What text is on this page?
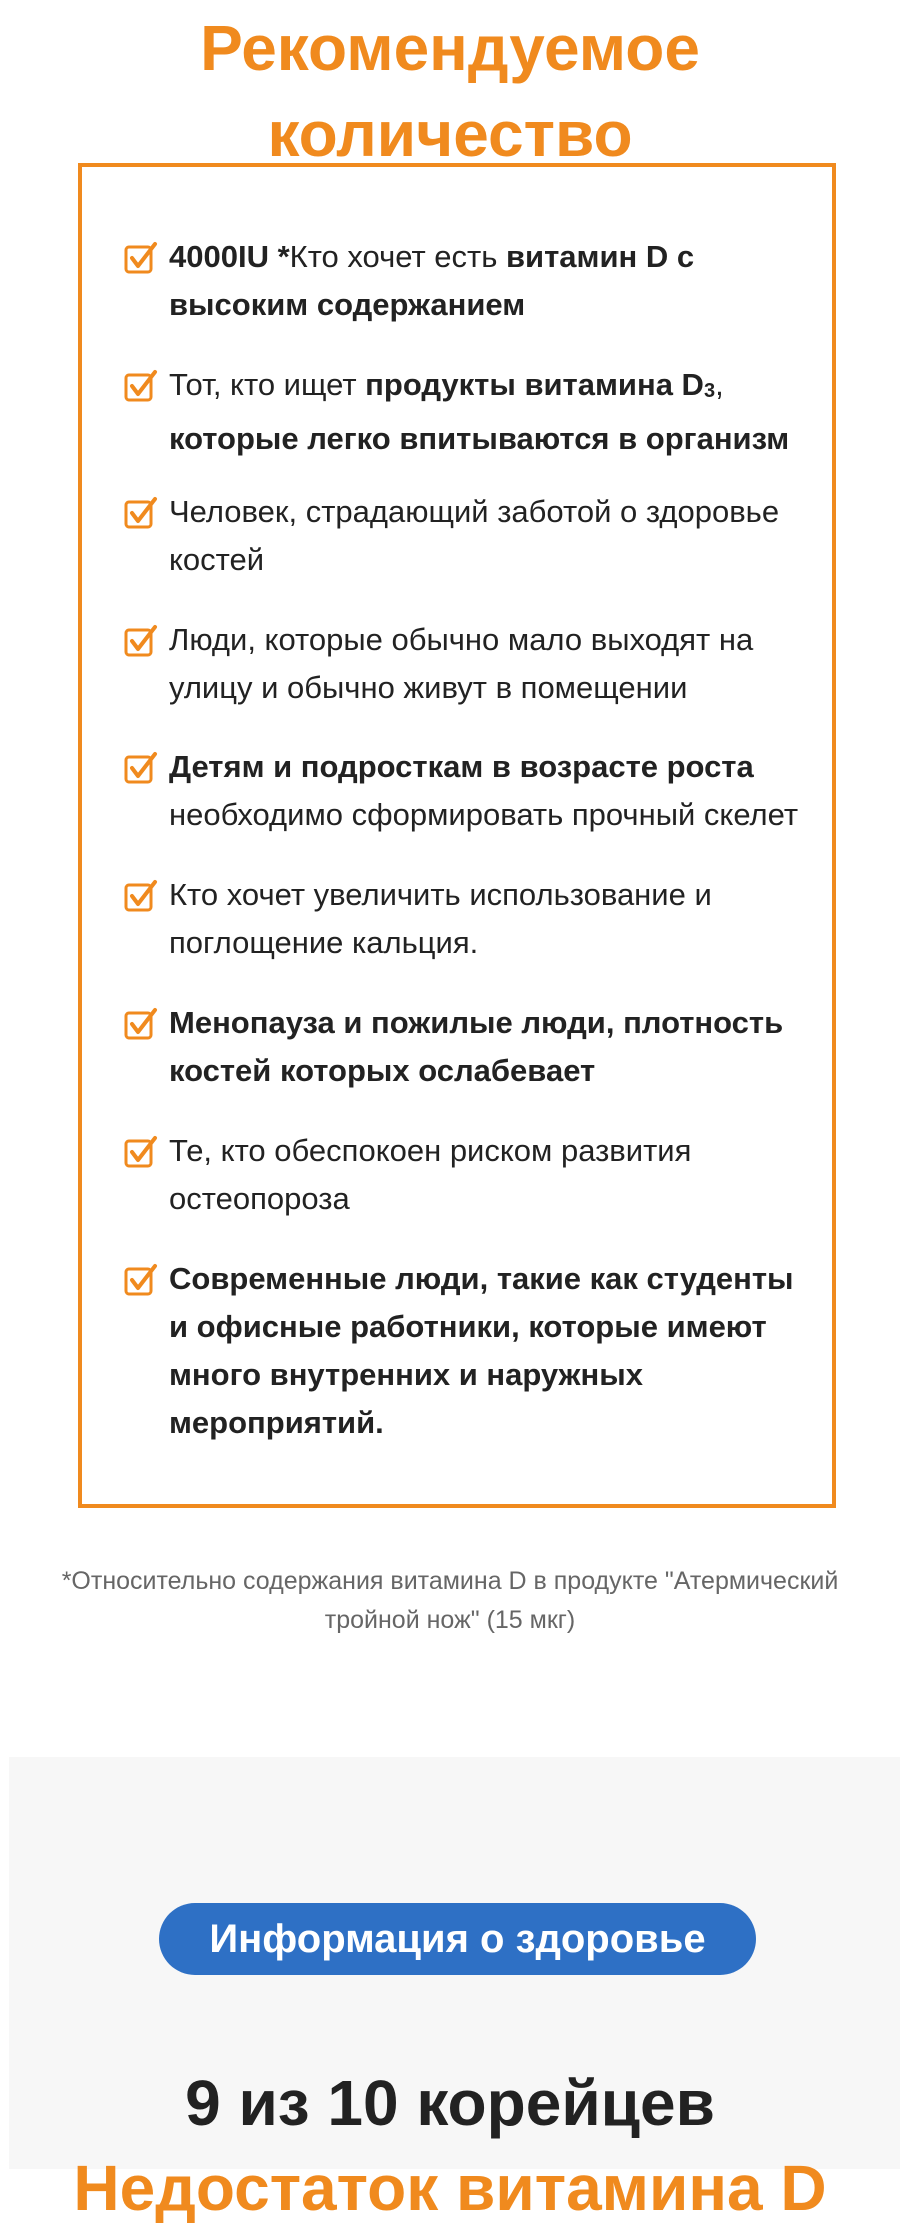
Рекомендуемое
количество
4000IU *Кто хочет есть витамин D с высоким содержанием
Тот, кто ищет продукты витамина $D_3$, которые легко впитываются в организм
Человек, страдающий заботой о здоровье костей
Люди, которые обычно мало выходят на улицу и обычно живут в помещении
Детям и подросткам в возрасте роста необходимо сформировать прочный скелет
Кто хочет увеличить использование и поглощение кальция.
Менопауза и пожилые люди, плотность костей которых ослабевает
Те, кто обеспокоен риском развития остеопороза
Современные люди, такие как студенты и офисные работники, которые имеют много внутренних и наружных мероприятий.

*Относительно содержания витамина D в продукте "Атермический тройной нож" (15 мкг)

Информация о здоровье
9 из 10 корейцев
Недостаток витамина D
